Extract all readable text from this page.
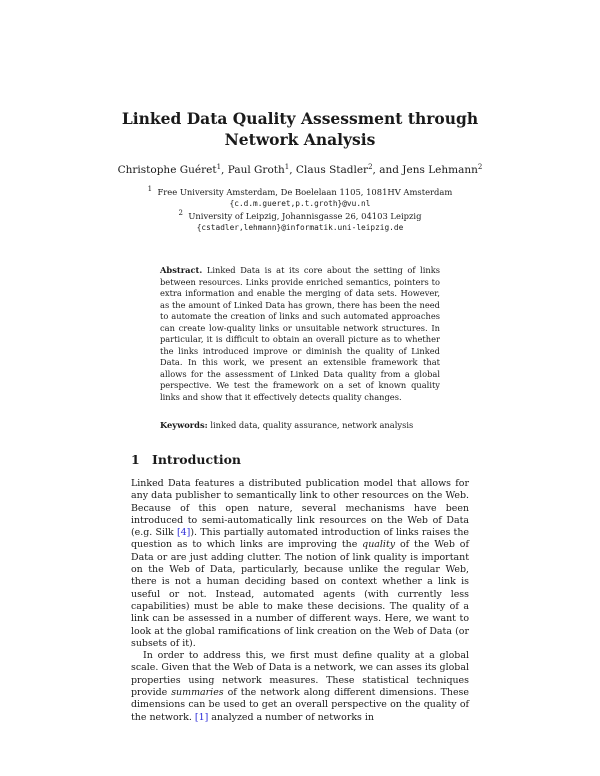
Linked Data Quality Assessment through
Network Analysis
Christophe Guéret$^1$, Paul Groth$^1$, Claus Stadler$^2$, and Jens Lehmann$^2$
$^1$ Free University Amsterdam, De Boelelaan 1105, 1081HV Amsterdam
{c.d.m.gueret,p.t.groth}@vu.nl
$^2$ University of Leipzig, Johannisgasse 26, 04103 Leipzig
{cstadler,lehmann}@informatik.uni-leipzig.de
Abstract. Linked Data is at its core about the setting of links between resources. Links provide enriched semantics, pointers to extra information and enable the merging of data sets. However, as the amount of Linked Data has grown, there has been the need to automate the creation of links and such automated approaches can create low-quality links or unsuitable network structures. In particular, it is difficult to obtain an overall picture as to whether the links introduced improve or diminish the quality of Linked Data. In this work, we present an extensible framework that allows for the assessment of Linked Data quality from a global perspective. We test the framework on a set of known quality links and show that it effectively detects quality changes.
Keywords: linked data, quality assurance, network analysis
1 Introduction

Linked Data features a distributed publication model that allows for any data publisher to semantically link to other resources on the Web. Because of this open nature, several mechanisms have been introduced to semi-automatically link resources on the Web of Data (e.g. Silk [4]). This partially automated introduction of links raises the question as to which links are improving the quality of the Web of Data or are just adding clutter. The notion of link quality is important on the Web of Data, particularly, because unlike the regular Web, there is not a human deciding based on context whether a link is useful or not. Instead, automated agents (with currently less capabilities) must be able to make these decisions. The quality of a link can be assessed in a number of different ways. Here, we want to look at the global ramifications of link creation on the Web of Data (or subsets of it).

In order to address this, we first must define quality at a global scale. Given that the Web of Data is a network, we can asses its global properties using network measures. These statistical techniques provide summaries of the network along different dimensions. These dimensions can be used to get an overall perspective on the quality of the network. [1] analyzed a number of networks in
